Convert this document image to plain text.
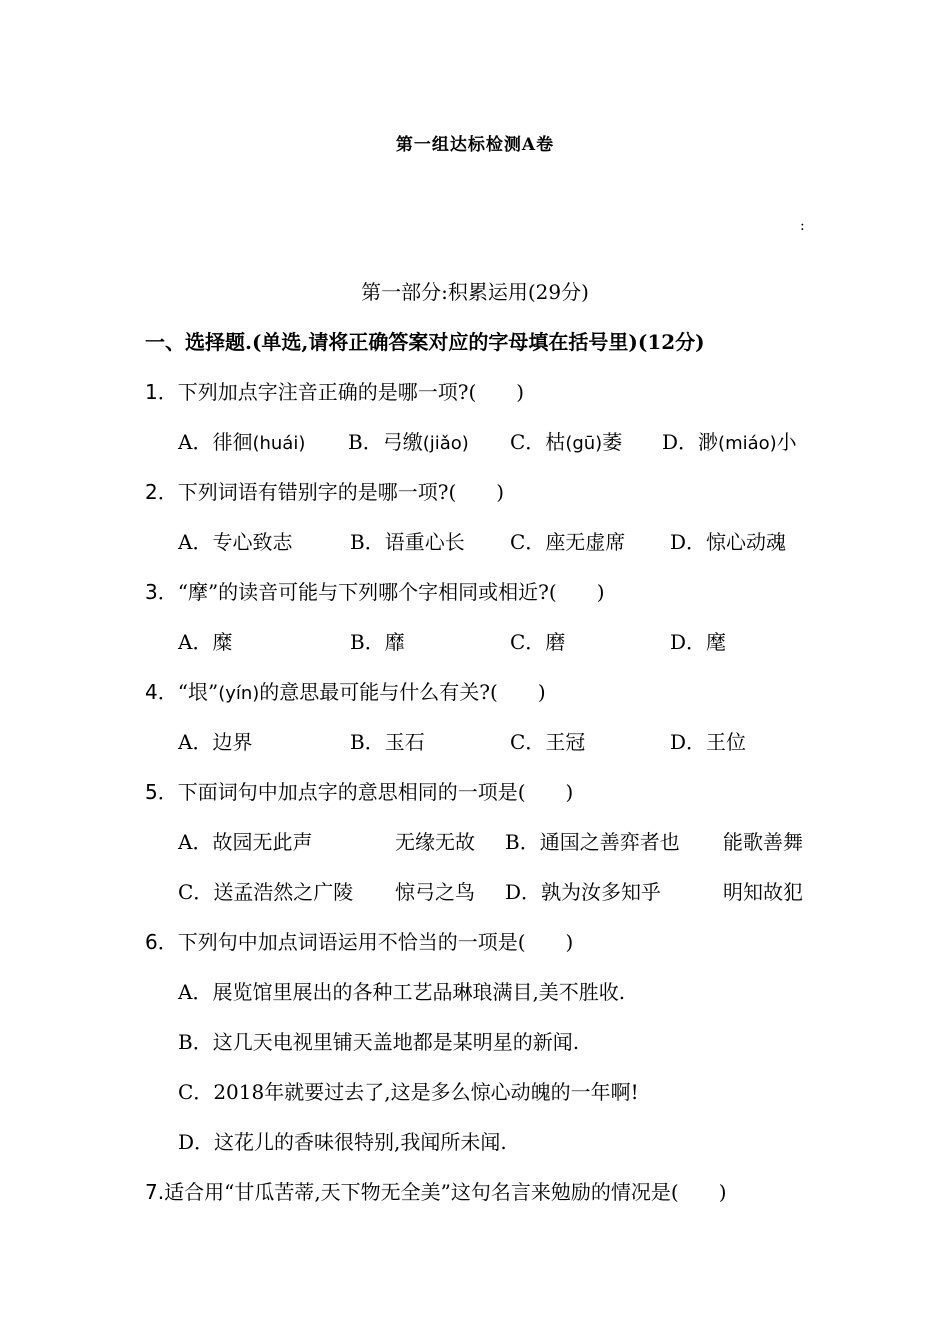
第一组达标检测A卷
:
第一部分:积累运用(29分)
一、选择题.(单选,请将正确答案对应的字母填在括号里)(12分)
1．下列加点字注音正确的是哪一项?(　　)
A．徘徊(huái) B．弓缴(jiǎo) C．枯(gū)萎 D．渺(miáo)小
2．下列词语有错别字的是哪一项?(　　)
A．专心致志	B．语重心长 C．座无虚席 D．惊心动魂
3．“摩”的读音可能与下列哪个字相同或相近?(　　)
A．糜	B．靡	C．磨	D．麾
4．“垠”(yín)的意思最可能与什么有关?(　　)
A．边界	B．玉石	C．王冠	D．王位
5．下面词句中加点字的意思相同的一项是(　　)
A．故园无此声	无缘无故 B．通国之善弈者也 能歌善舞
C．送孟浩然之广陵 惊弓之鸟 D．孰为汝多知乎	明知故犯
6．下列句中加点词语运用不恰当的一项是(　　)
A．展览馆里展出的各种工艺品琳琅满目,美不胜收.
B．这几天电视里铺天盖地都是某明星的新闻.
C．2018年就要过去了,这是多么惊心动魄的一年啊!
D．这花儿的香味很特别,我闻所未闻.
7.适合用“甘瓜苦蒂,天下物无全美”这句名言来勉励的情况是(　　)
